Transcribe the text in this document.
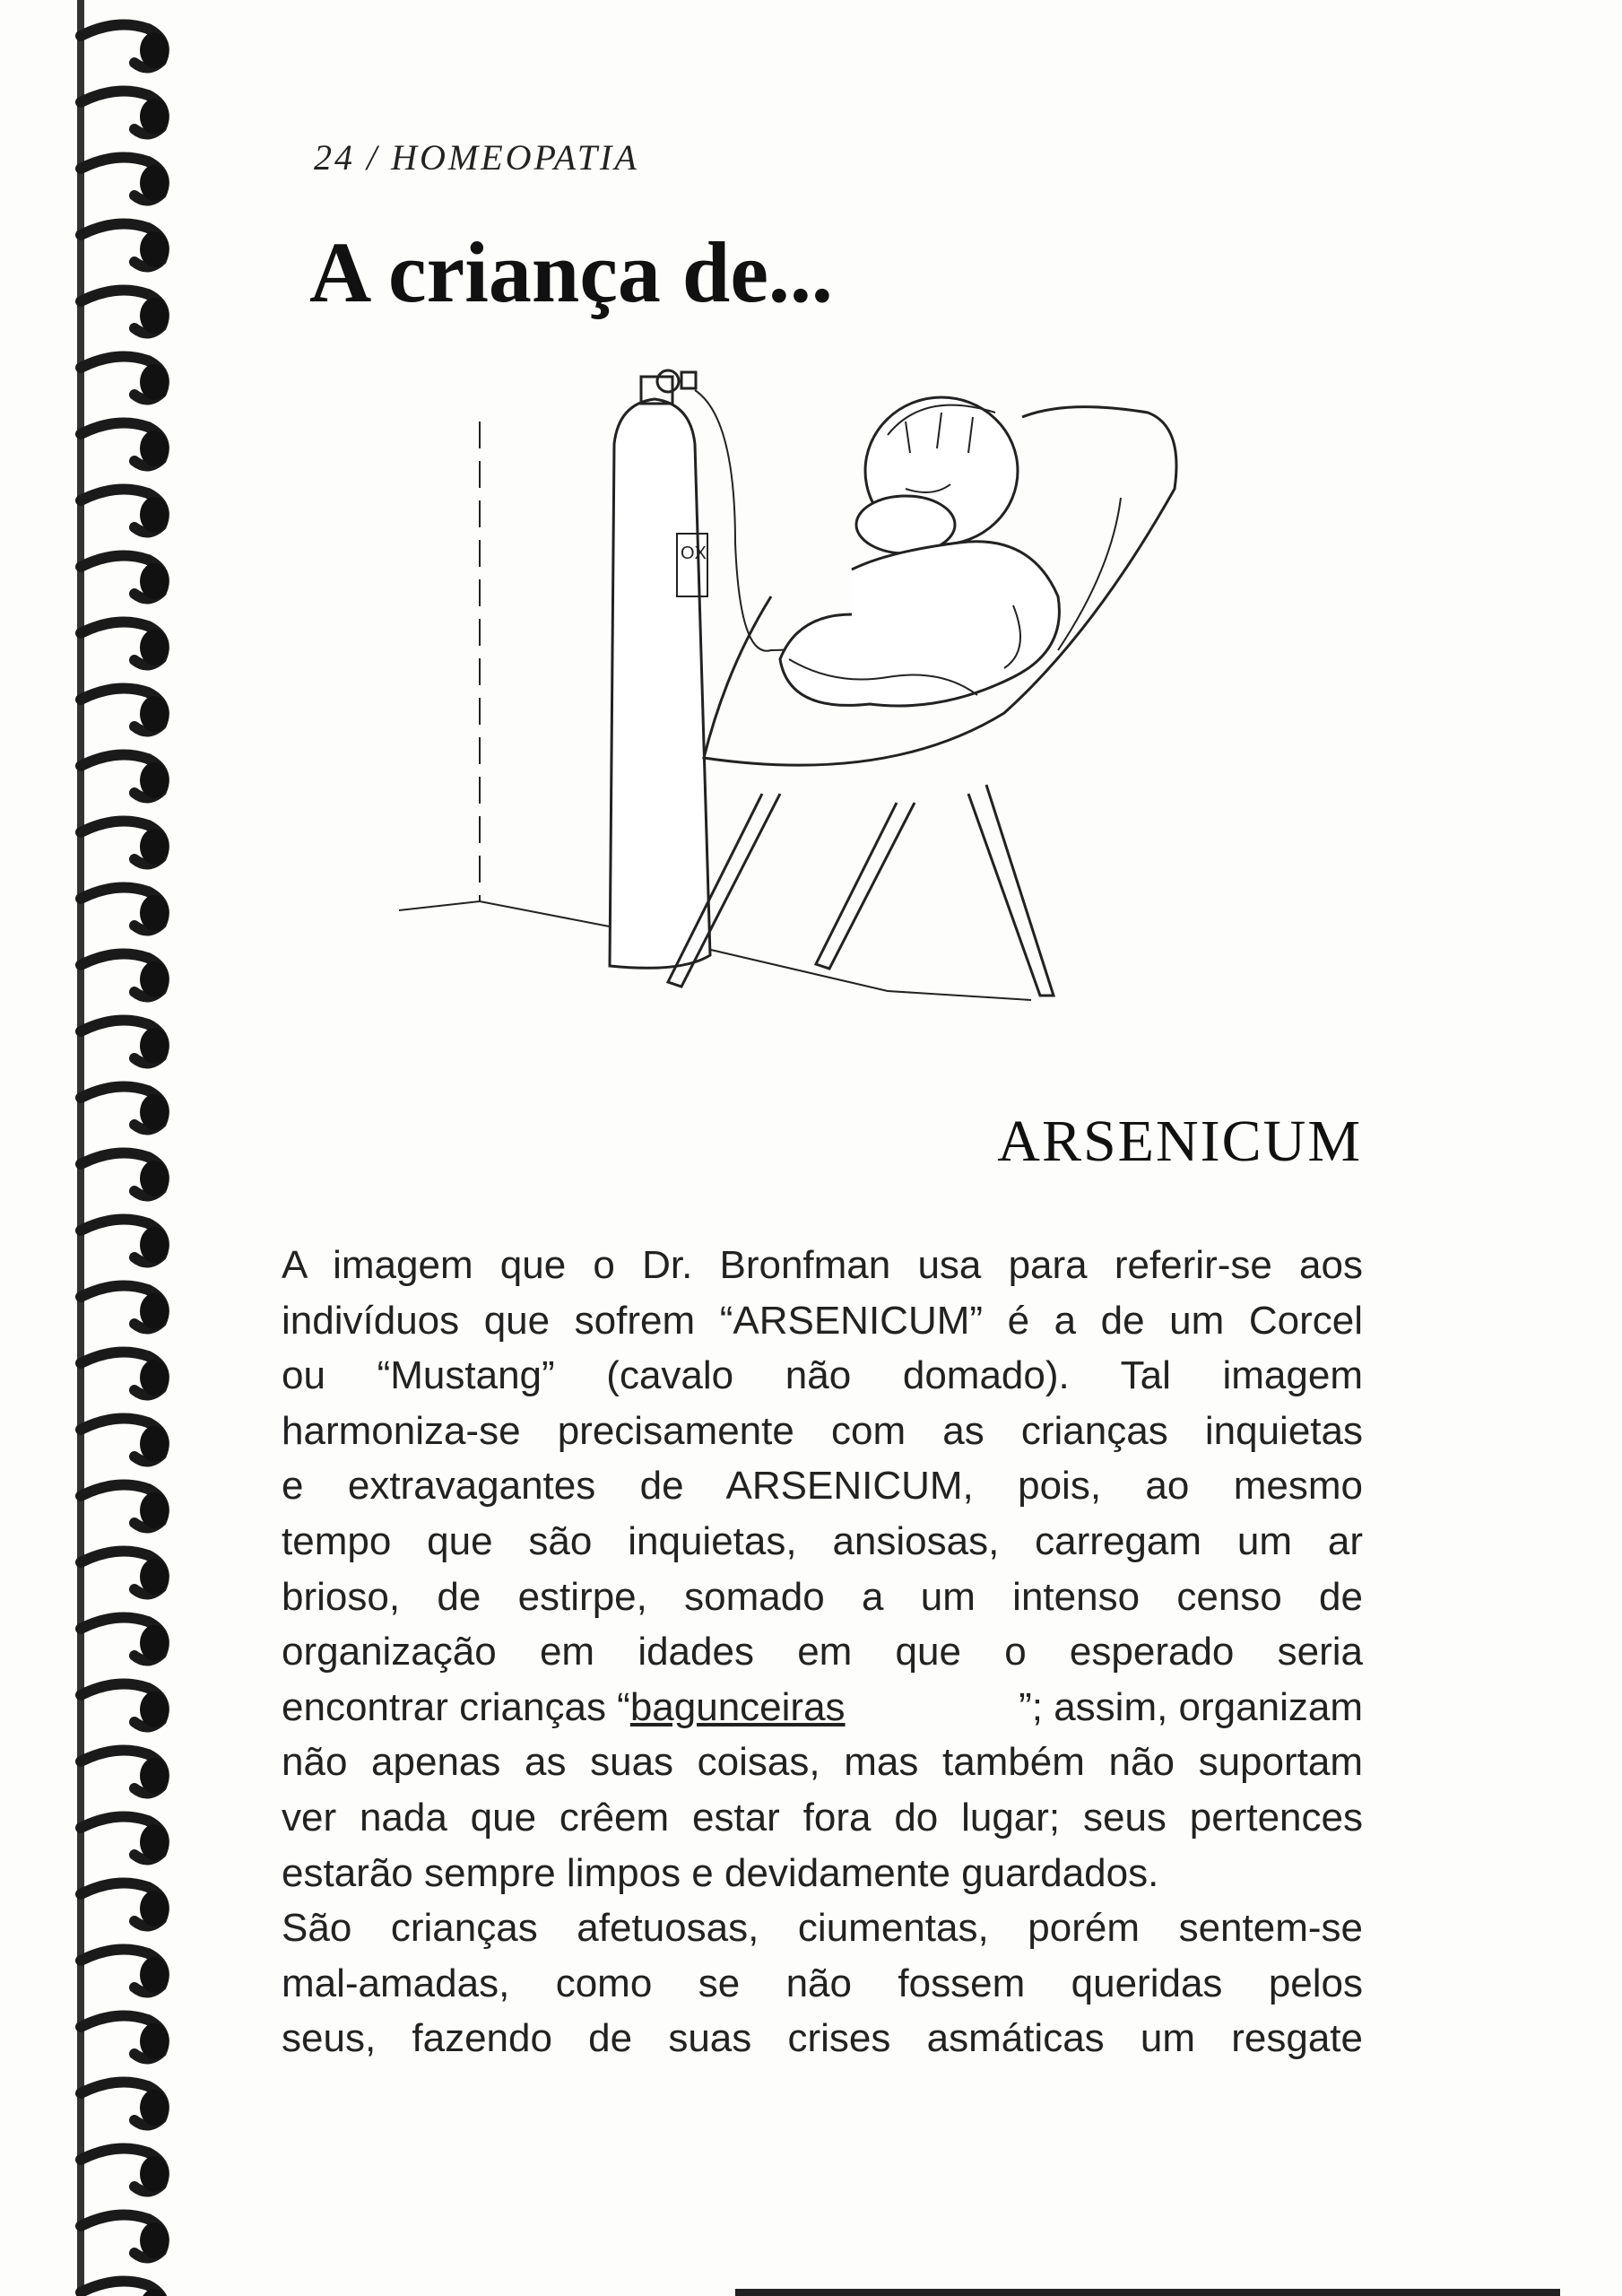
24 / HOMEOPATIA
A criança de...
OX
ARSENICUM
A imagem que o Dr. Bronfman usa para referir-se aos
indivíduos que sofrem “ARSENICUM” é a de um Corcel
ou “Mustang” (cavalo não domado). Tal imagem
harmoniza-se precisamente com as crianças inquietas
e extravagantes de ARSENICUM, pois, ao mesmo
tempo que são inquietas, ansiosas, carregam um ar
brioso, de estirpe, somado a um intenso censo de
organização em idades em que o esperado seria
encontrar crianças “bagunceiras	”; assim, organizam
não apenas as suas coisas, mas também não suportam
ver nada que crêem estar fora do lugar; seus pertences
estarão sempre limpos e devidamente guardados.
São crianças afetuosas, ciumentas, porém sentem-se
mal-amadas, como se não fossem queridas pelos
seus, fazendo de suas crises asmáticas um resgate
